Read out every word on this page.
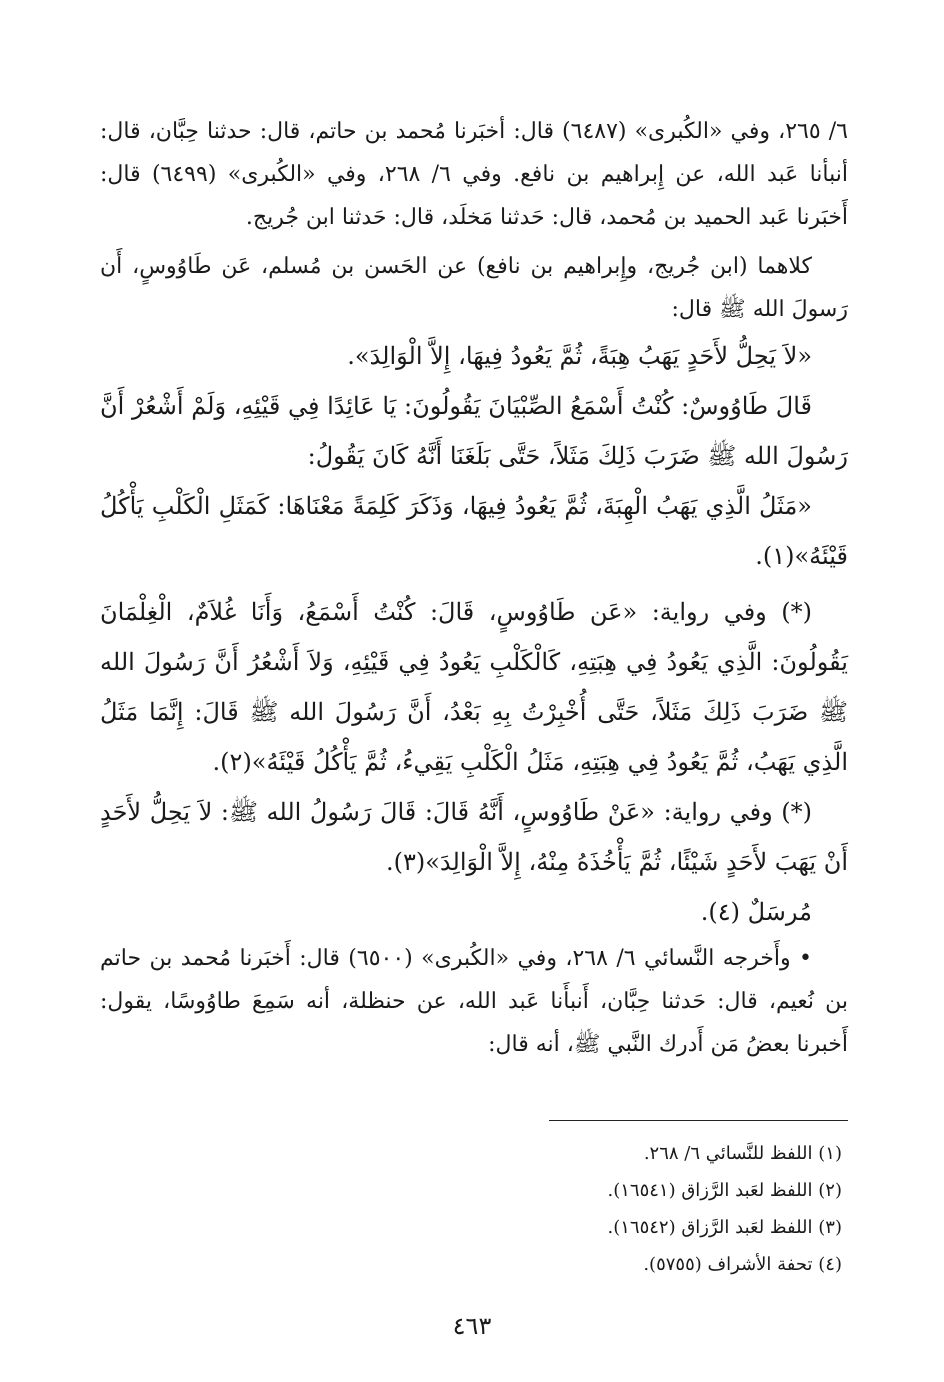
٦/ ٢٦٥، وفي «الكُبرى» (٦٤٨٧) قال: أخبَرنا مُحمد بن حاتم، قال: حدثنا حِبَّان، قال: أنبأنا عَبد الله، عن إِبراهيم بن نافع. وفي ٦/ ٢٦٨، وفي «الكُبرى» (٦٤٩٩) قال: أَخبَرنا عَبد الحميد بن مُحمد، قال: حَدثنا مَخلَد، قال: حَدثنا ابن جُريج.

كلاهما (ابن جُريج، وإِبراهيم بن نافع) عن الحَسن بن مُسلم، عَن طَاوُوسٍ، أَن رَسولَ الله ﷺ قال:

«لاَ يَحِلُّ لأَحَدٍ يَهَبُ هِبَةً، ثُمَّ يَعُودُ فِيهَا، إِلاَّ الْوَالِدَ».

قَالَ طَاوُوسٌ: كُنْتُ أَسْمَعُ الصِّبْيَانَ يَقُولُونَ: يَا عَائِدًا فِي قَيْئِهِ، وَلَمْ أَشْعُرْ أَنَّ رَسُولَ الله ﷺ ضَرَبَ ذَلِكَ مَثَلاً، حَتَّى بَلَغَنَا أَنَّهُ كَانَ يَقُولُ:

«مَثَلُ الَّذِي يَهَبُ الْهِبَةَ، ثُمَّ يَعُودُ فِيهَا، وَذَكَرَ كَلِمَةً مَعْنَاهَا: كَمَثَلِ الْكَلْبِ يَأْكُلُ قَيْئَهُ»(١).

(*) وفي رواية: «عَن طَاوُوسٍ، قَالَ: كُنْتُ أَسْمَعُ، وَأَنَا غُلاَمٌ، الْغِلْمَانَ يَقُولُونَ: الَّذِي يَعُودُ فِي هِبَتِهِ، كَالْكَلْبِ يَعُودُ فِي قَيْئِهِ، وَلاَ أَشْعُرُ أَنَّ رَسُولَ الله ﷺ ضَرَبَ ذَلِكَ مَثَلاً، حَتَّى أُخْبِرْتُ بِهِ بَعْدُ، أَنَّ رَسُولَ الله ﷺ قَالَ: إِنَّمَا مَثَلُ الَّذِي يَهَبُ، ثُمَّ يَعُودُ فِي هِبَتِهِ، مَثَلُ الْكَلْبِ يَقِيءُ، ثُمَّ يَأْكُلُ قَيْئَهُ»(٢).

(*) وفي رواية: «عَنْ طَاوُوسٍ، أَنَّهُ قَالَ: قَالَ رَسُولُ الله ﷺ: لاَ يَحِلُّ لأَحَدٍ أَنْ يَهَبَ لأَحَدٍ شَيْئًا، ثُمَّ يَأْخُذَهُ مِنْهُ، إِلاَّ الْوَالِدَ»(٣).

مُرسَلٌ (٤).

• وأَخرجه النَّسائي ٦/ ٢٦٨، وفي «الكُبرى» (٦٥٠٠) قال: أَخبَرنا مُحمد بن حاتم بن نُعيم، قال: حَدثنا حِبَّان، أَنبأَنا عَبد الله، عن حنظلة، أنه سَمِعَ طاوُوسًا، يقول: أَخبرنا بعضُ مَن أَدرك النَّبي ﷺ، أنه قال:

(١) اللفظ للنَّسائي ٦/ ٢٦٨.

(٢) اللفظ لعَبد الرَّزاق (١٦٥٤١).

(٣) اللفظ لعَبد الرَّزاق (١٦٥٤٢).

(٤) تحفة الأشراف (٥٧٥٥).

٤٦٣
